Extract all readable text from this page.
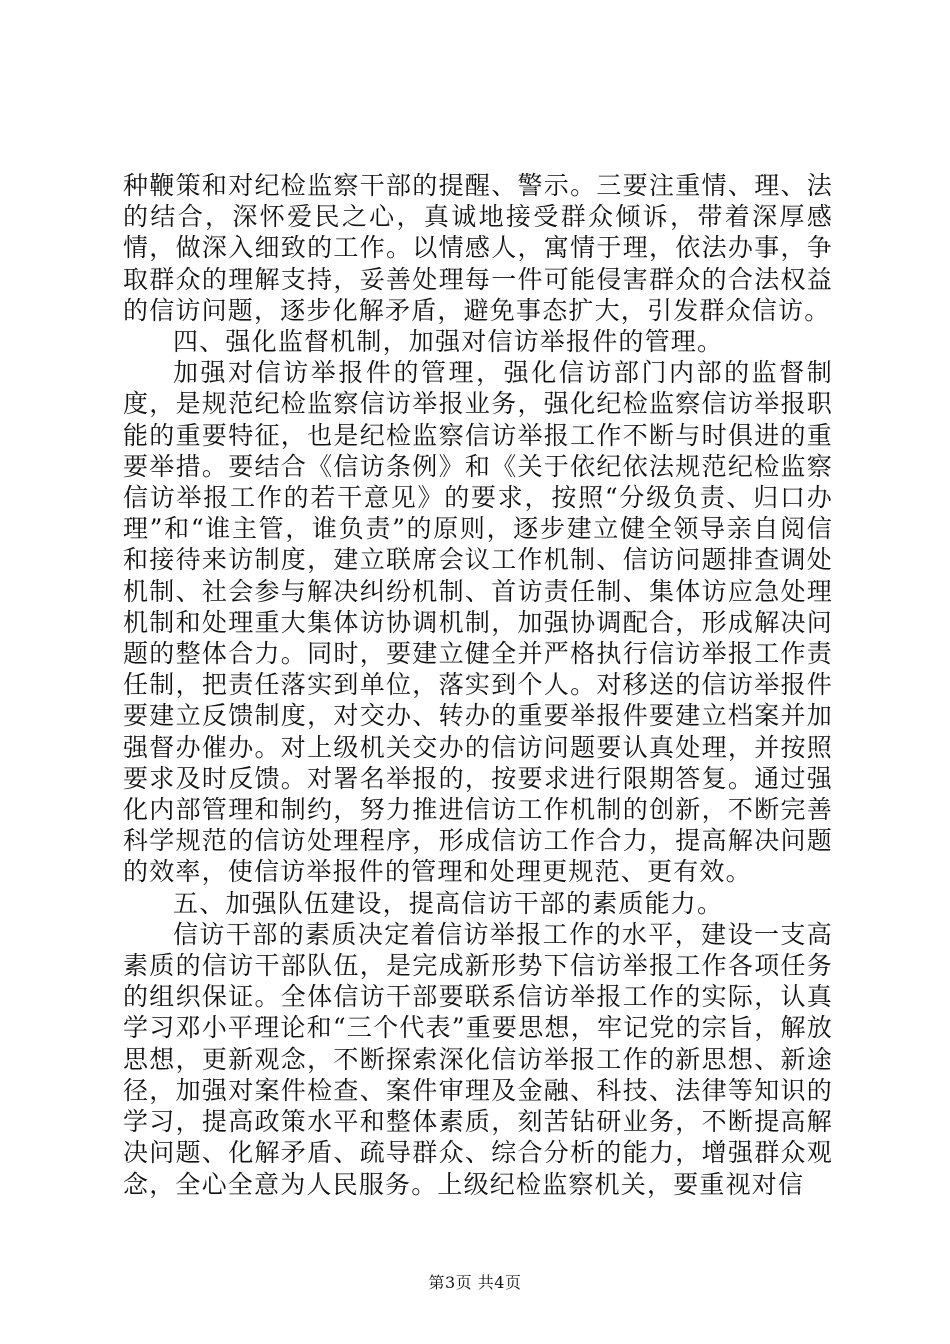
种鞭策和对纪检监察干部的提醒、警示。三要注重情、理、法的结合，深怀爱民之心，真诚地接受群众倾诉，带着深厚感情，做深入细致的工作。以情感人，寓情于理，依法办事，争取群众的理解支持，妥善处理每一件可能侵害群众的合法权益的信访问题，逐步化解矛盾，避免事态扩大，引发群众信访。

四、强化监督机制，加强对信访举报件的管理。

加强对信访举报件的管理，强化信访部门内部的监督制度，是规范纪检监察信访举报业务，强化纪检监察信访举报职能的重要特征，也是纪检监察信访举报工作不断与时俱进的重要举措。要结合《信访条例》和《关于依纪依法规范纪检监察信访举报工作的若干意见》的要求，按照“分级负责、归口办理”和“谁主管，谁负责”的原则，逐步建立健全领导亲自阅信和接待来访制度，建立联席会议工作机制、信访问题排查调处机制、社会参与解决纠纷机制、首访责任制、集体访应急处理机制和处理重大集体访协调机制，加强协调配合，形成解决问题的整体合力。同时，要建立健全并严格执行信访举报工作责任制，把责任落实到单位，落实到个人。对移送的信访举报件要建立反馈制度，对交办、转办的重要举报件要建立档案并加强督办催办。对上级机关交办的信访问题要认真处理，并按照要求及时反馈。对署名举报的，按要求进行限期答复。通过强化内部管理和制约，努力推进信访工作机制的创新，不断完善科学规范的信访处理程序，形成信访工作合力，提高解决问题的效率，使信访举报件的管理和处理更规范、更有效。

五、加强队伍建设，提高信访干部的素质能力。

信访干部的素质决定着信访举报工作的水平，建设一支高素质的信访干部队伍，是完成新形势下信访举报工作各项任务的组织保证。全体信访干部要联系信访举报工作的实际，认真学习邓小平理论和“三个代表”重要思想，牢记党的宗旨，解放思想，更新观念，不断探索深化信访举报工作的新思想、新途径，加强对案件检查、案件审理及金融、科技、法律等知识的学习，提高政策水平和整体素质，刻苦钻研业务，不断提高解决问题、化解矛盾、疏导群众、综合分析的能力，增强群众观念，全心全意为人民服务。上级纪检监察机关，要重视对信

第3页 共4页
